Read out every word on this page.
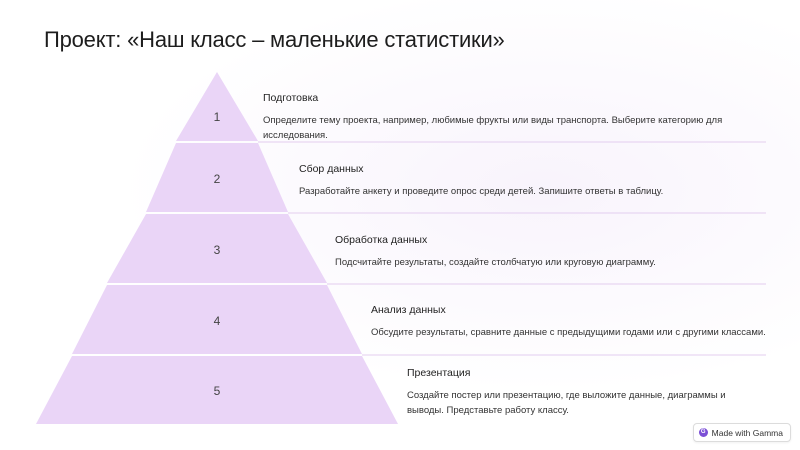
Проект: «Наш класс – маленькие статистики»
1
2
3
4
5
Подготовка
Определите тему проекта, например, любимые фрукты или виды транспорта. Выберите категорию для исследования.
Сбор данных
Разработайте анкету и проведите опрос среди детей. Запишите ответы в таблицу.
Обработка данных
Подсчитайте результаты, создайте столбчатую или круговую диаграмму.
Анализ данных
Обсудите результаты, сравните данные с предыдущими годами или с другими классами.
Презентация
Создайте постер или презентацию, где выложите данные, диаграммы и выводы. Представьте работу классу.
G Made with Gamma
